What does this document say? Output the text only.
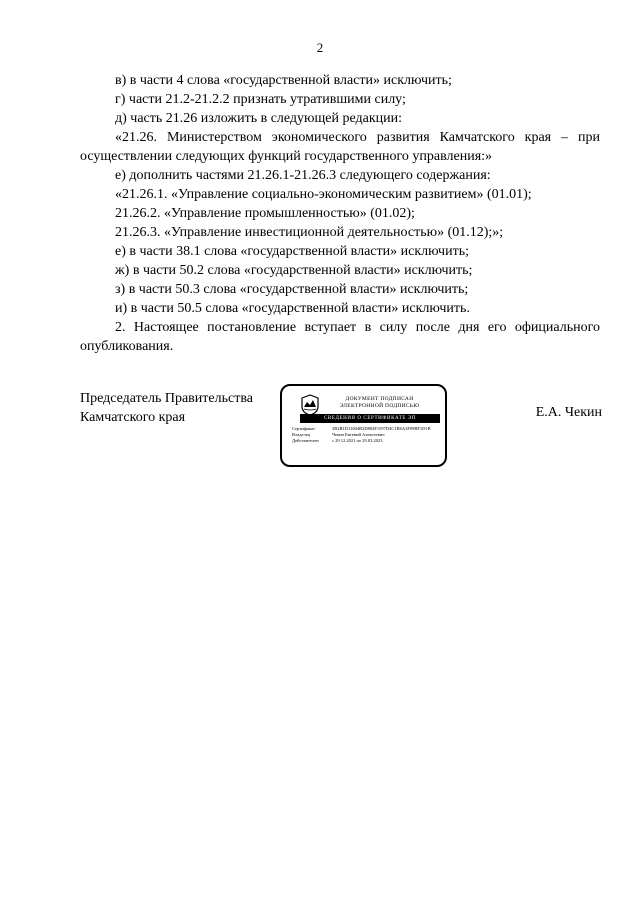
2

в) в части 4 слова «государственной власти» исключить;

г) части 21.2-21.2.2 признать утратившими силу;

д) часть 21.26 изложить в следующей редакции:

«21.26. Министерством экономического развития Камчатского края – при осуществлении следующих функций государственного управления:»

е) дополнить частями 21.26.1-21.26.3 следующего содержания:

«21.26.1. «Управление социально-экономическим развитием» (01.01);

21.26.2. «Управление промышленностью» (01.02);

21.26.3. «Управление инвестиционной деятельностью» (01.12);»;

е) в части 38.1 слова «государственной власти» исключить;

ж) в части 50.2 слова «государственной власти» исключить;

з) в части 50.3 слова «государственной власти» исключить;

и) в части 50.5 слова «государственной власти» исключить.

2. Настоящее постановление вступает в силу после дня его официального опубликования.

Председатель Правительства
Камчатского края
ДОКУМЕНТ ПОДПИСАН
ЭЛЕКТРОННОЙ ПОДПИСЬЮ
СВЕДЕНИЯ О СЕРТИФИКАТЕ ЭП
Сертификат	3B2B1D11604B2D884F1597D4C1B6A3F09BF1D1B
Владелец	Чекин Евгений Алексеевич
Действителен	с 29.12.2021 по 29.03.2023
Е.А. Чекин
